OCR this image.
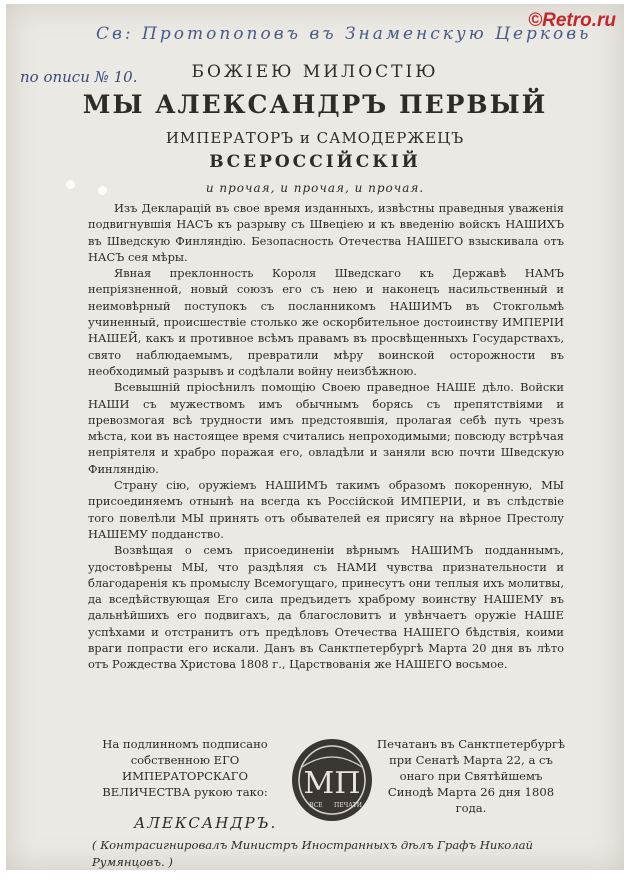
©Retro.ru
Св: Протопоповъ въ Знаменскую Церковь
по описи № 10.	БОЖІЕЮ МИЛОСТІЮ
МЫ АЛЕКСАНДРЪ ПЕРВЫЙ
ИМПЕРАТОРЪ и САМОДЕРЖЕЦЪ
ВСЕРОССІЙСКІЙ
и прочая, и прочая, и прочая.

Изъ Декларацій въ свое время изданныхъ, извѣстны праведныя уваженія подвигнувшія НАСЪ къ разрыву съ Швеціею и къ введенію войскъ НАШИХЪ въ Шведскую Финляндію. Безопасность Отечества НАШЕГО взыскивала отъ НАСЪ сея мѣры.

Явная преклонность Короля Шведскаго къ Державѣ НАМЪ непріязненной, новый союзъ его съ нею и наконецъ насильственный и неимовѣрный поступокъ съ посланникомъ НАШИМЪ въ Стокгольмѣ учиненный, происшествіе столько же оскорбительное достоинству ИМПЕРІИ НАШЕЙ, какъ и противное всѣмъ правамъ въ просвѣщенныхъ Государствахъ, свято наблюдаемымъ, превратили мѣру воинской осторожности въ необходимый разрывъ и содѣлали войну неизбѣжною.

Всевышній пріосѣнилъ помощію Своею праведное НАШЕ дѣло. Войски НАШИ съ мужествомъ имъ обычнымъ борясь съ препятствіями и превозмогая всѣ трудности имъ предстоявшія, пролагая себѣ путь чрезъ мѣста, кои въ настоящее время считались непроходимыми; повсюду встрѣчая непріятеля и храбро поражая его, овладѣли и заняли всю почти Шведскую Финляндію.

Страну сію, оружіемъ НАШИМЪ такимъ образомъ покоренную, МЫ присоединяемъ отнынѣ на всегда къ Россійской ИМПЕРІИ, и въ слѣдствіе того повелѣли МЫ принять отъ обывателей ея присягу на вѣрное Престолу НАШЕМУ подданство.

Возвѣщая о семъ присоединеніи вѣрнымъ НАШИМЪ подданнымъ, удостовѣрены МЫ, что раздѣляя съ НАМИ чувства признательности и благодаренія къ промыслу Всемогущаго, принесутъ они теплыя ихъ молитвы, да вседѣйствующая Его сила предъидетъ храброму воинству НАШЕМУ въ дальнѣйшихъ его подвигахъ, да благословитъ и увѣнчаетъ оружіе НАШЕ успѣхами и отстранитъ отъ предѣловъ Отечества НАШЕГО бѣдствія, коими враги попрасти его искали. Данъ въ Санктпетербургѣ Марта 20 дня въ лѣто отъ Рождества Христова 1808 г., Царствованія же НАШЕГО восьмое.

На подлинномъ подписано собственною ЕГО ИМПЕРАТОРСКАГО ВЕЛИЧЕСТВА рукою тако:	МП
ВСЕ ПЕЧАТИ
Печатанъ въ Санктпетербургѣ при Сенатѣ Марта 22, а съ онаго при Святѣйшемъ Синодѣ Марта 26 дня 1808 года.
АЛЕКСАНДРЪ.
( Контрасигнировалъ Министръ Иностранныхъ дѣлъ Графъ Николай Румянцовъ. )
